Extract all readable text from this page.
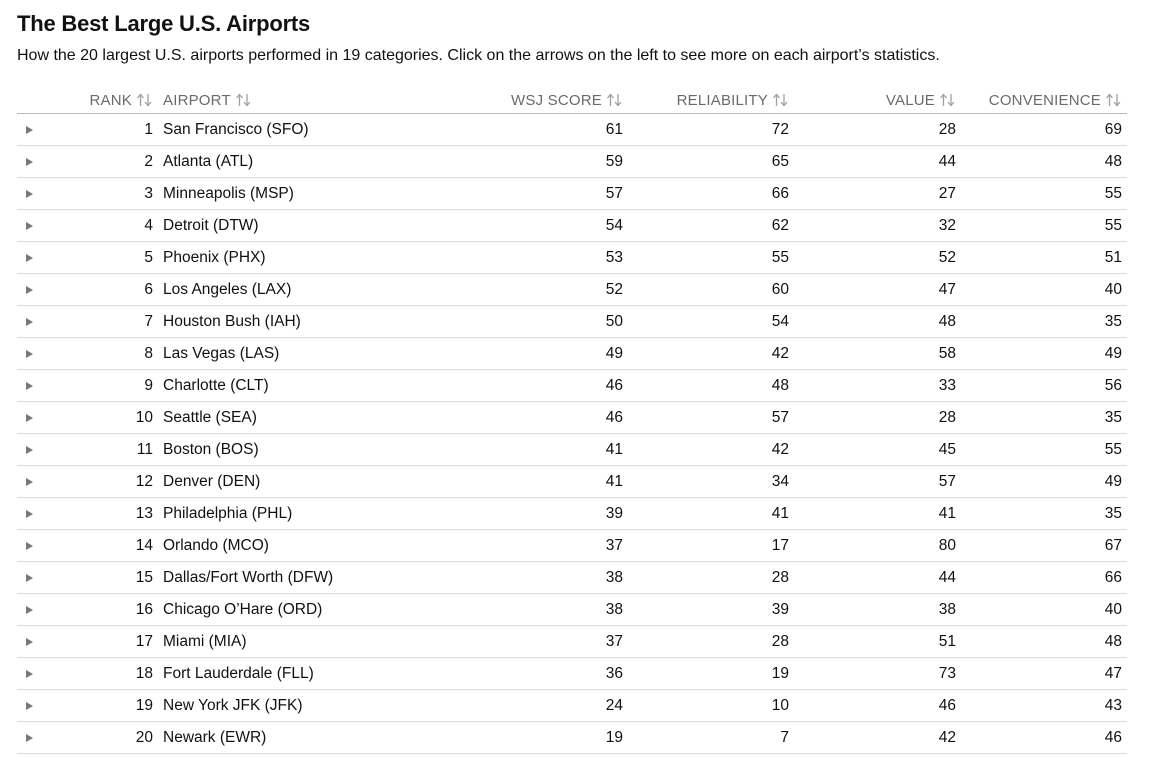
The Best Large U.S. Airports
How the 20 largest U.S. airports performed in 19 categories. Click on the arrows on the left to see more on each airport’s statistics.
RANK AIRPORT	WSJ SCORE	RELIABILITY	VALUE	CONVENIENCE
1 San Francisco (SFO)	61	72	28	69
2 Atlanta (ATL)	59	65	44	48
3 Minneapolis (MSP)	57	66	27	55
4 Detroit (DTW)	54	62	32	55
5 Phoenix (PHX)	53	55	52	51
6 Los Angeles (LAX)	52	60	47	40
7 Houston Bush (IAH)	50	54	48	35
8 Las Vegas (LAS)	49	42	58	49
9 Charlotte (CLT)	46	48	33	56
10 Seattle (SEA)	46	57	28	35
11 Boston (BOS)	41	42	45	55
12 Denver (DEN)	41	34	57	49
13 Philadelphia (PHL)	39	41	41	35
14 Orlando (MCO)	37	17	80	67
15 Dallas/Fort Worth (DFW)	38	28	44	66
16 Chicago O’Hare (ORD)	38	39	38	40
17 Miami (MIA)	37	28	51	48
18 Fort Lauderdale (FLL)	36	19	73	47
19 New York JFK (JFK)	24	10	46	43
20 Newark (EWR)	19	7	42	46
